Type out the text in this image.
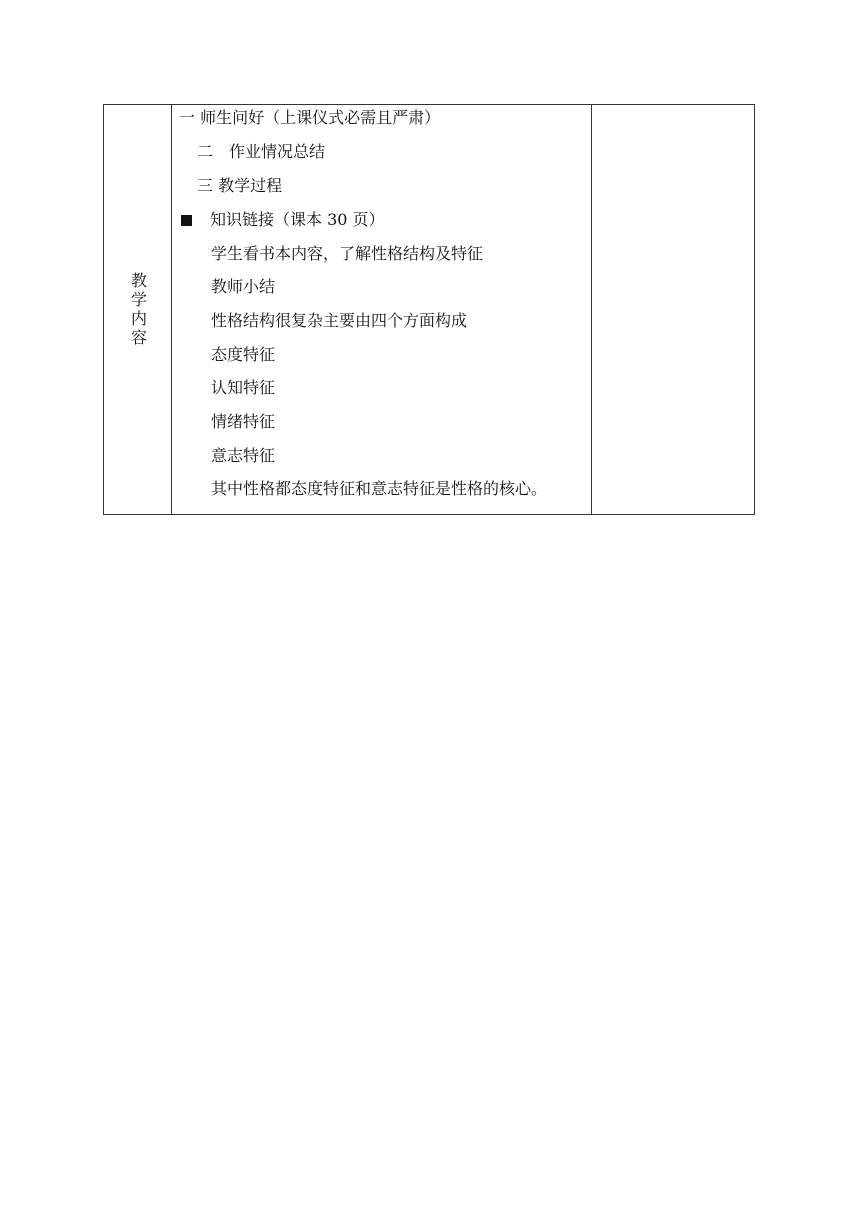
教学内容
一 师生问好（上课仪式必需且严肃）
二　作业情况总结
三 教学过程
知识链接（课本 30 页）
学生看书本内容，了解性格结构及特征
教师小结
性格结构很复杂主要由四个方面构成
态度特征
认知特征
情绪特征
意志特征
其中性格都态度特征和意志特征是性格的核心。
